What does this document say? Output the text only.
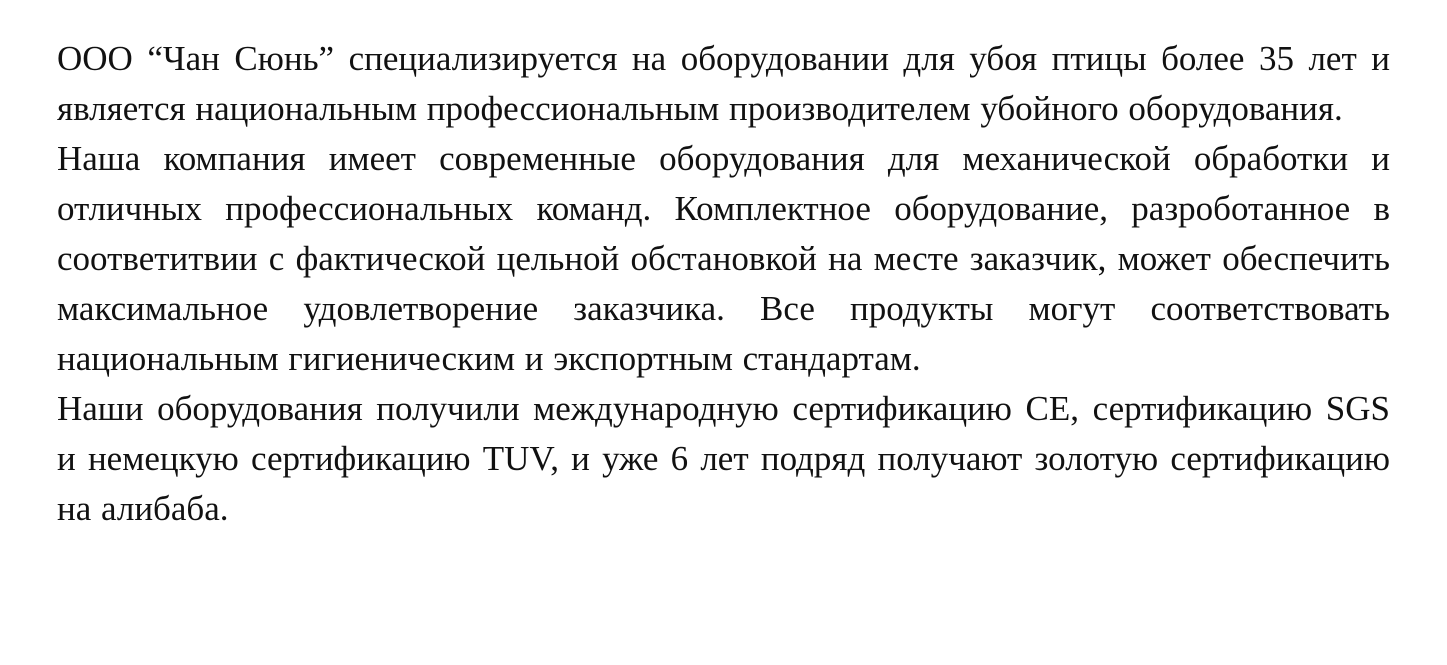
ООО “Чан Сюнь” специализируется на оборудовании для убоя птицы более 35 лет и является национальным профессиональным производителем убойного оборудования.

Наша компания имеет современные оборудования для механической обработки и отличных профессиональных команд. Комплектное оборудование, разроботанное в соответитвии с фактической цельной обстановкой на месте заказчик, может обеспечить максимальное удовлетворение заказчика. Все продукты могут соответствовать национальным гигиеническим и экспортным стандартам.

Наши оборудования получили международную сертификацию CE, сертификацию SGS и немецкую сертификацию TUV, и уже 6 лет подряд получают золотую сертификацию на алибаба.
